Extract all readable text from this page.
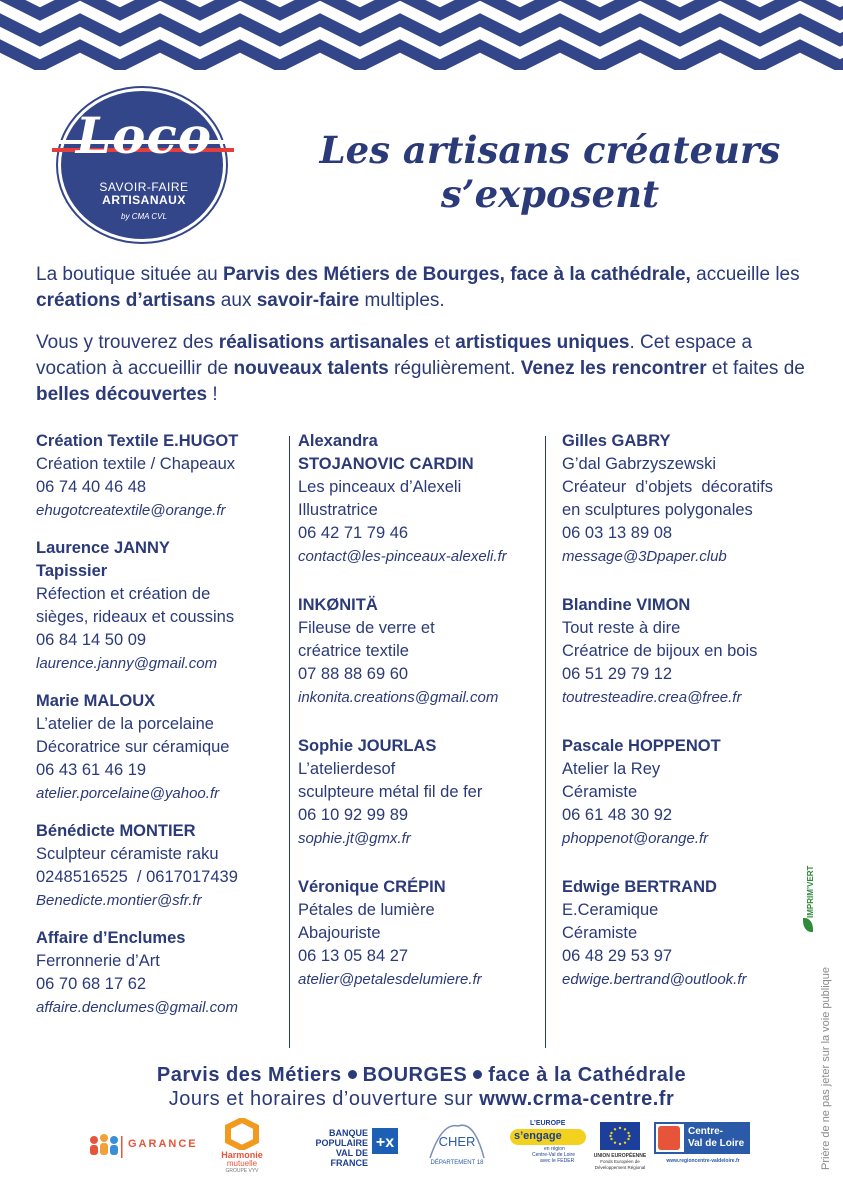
Loco
SAVOIR-FAIRE
ARTISANAUX
by CMA CVL
Les artisans créateurs
s’exposent

La boutique située au Parvis des Métiers de Bourges, face à la cathédrale, accueille les créations d’artisans aux savoir-faire multiples.

Vous y trouverez des réalisations artisanales et artistiques uniques. Cet espace a vocation à accueillir de nouveaux talents régulièrement. Venez les rencontrer et faites de belles découvertes !

Création Textile E.HUGOT
Création textile / Chapeaux
06 74 40 46 48
ehugotcreatextile@orange.fr
Laurence JANNY
Tapissier
Réfection et création de
sièges, rideaux et coussins
06 84 14 50 09
laurence.janny@gmail.com
Marie MALOUX
L’atelier de la porcelaine
Décoratrice sur céramique
06 43 61 46 19
atelier.porcelaine@yahoo.fr
Bénédicte MONTIER
Sculpteur céramiste raku
0248516525  / 0617017439
Benedicte.montier@sfr.fr
Affaire d’Enclumes
Ferronnerie d’Art
06 70 68 17 62
affaire.denclumes@gmail.com
Alexandra
STOJANOVIC CARDIN
Les pinceaux d’Alexeli
Illustratrice
06 42 71 79 46
contact@les-pinceaux-alexeli.fr
INKØNITÄ
Fileuse de verre et
créatrice textile
07 88 88 69 60
inkonita.creations@gmail.com
Sophie JOURLAS
L’atelierdesof
sculpteure métal fil de fer
06 10 92 99 89
sophie.jt@gmx.fr
Véronique CRÉPIN
Pétales de lumière
Abajouriste
06 13 05 84 27
atelier@petalesdelumiere.fr
Gilles GABRY
G’dal Gabrzyszewski
Créateur  d’objets  décoratifs
en sculptures polygonales
06 03 13 89 08
message@3Dpaper.club
Blandine VIMON
Tout reste à dire
Créatrice de bijoux en bois
06 51 29 79 12
toutresteadire.crea@free.fr
Pascale HOPPENOT
Atelier la Rey
Céramiste
06 61 48 30 92
phoppenot@orange.fr
Edwige BERTRAND
E.Ceramique
Céramiste
06 48 29 53 97
edwige.bertrand@outlook.fr
Parvis des Métiers BOURGES face à la Cathédrale
Jours et horaires d’ouverture sur www.crma-centre.fr
GARANCE
Harmonie
mutuelle
GROUPE VYV
BANQUE
POPULAIRE
VAL DE FRANCE
+x	CHER
DÉPARTEMENT 18
L’EUROPE
s’engage
en région
Centre-Val de Loire
avec le FEDER
UNION EUROPÉENNE
Fonds Européen de
Développement Régional
Centre-
Val de Loire
www.regioncentre-valdeloire.fr
IMPRIM’VERT
Prière de ne pas jeter sur la voie publique
